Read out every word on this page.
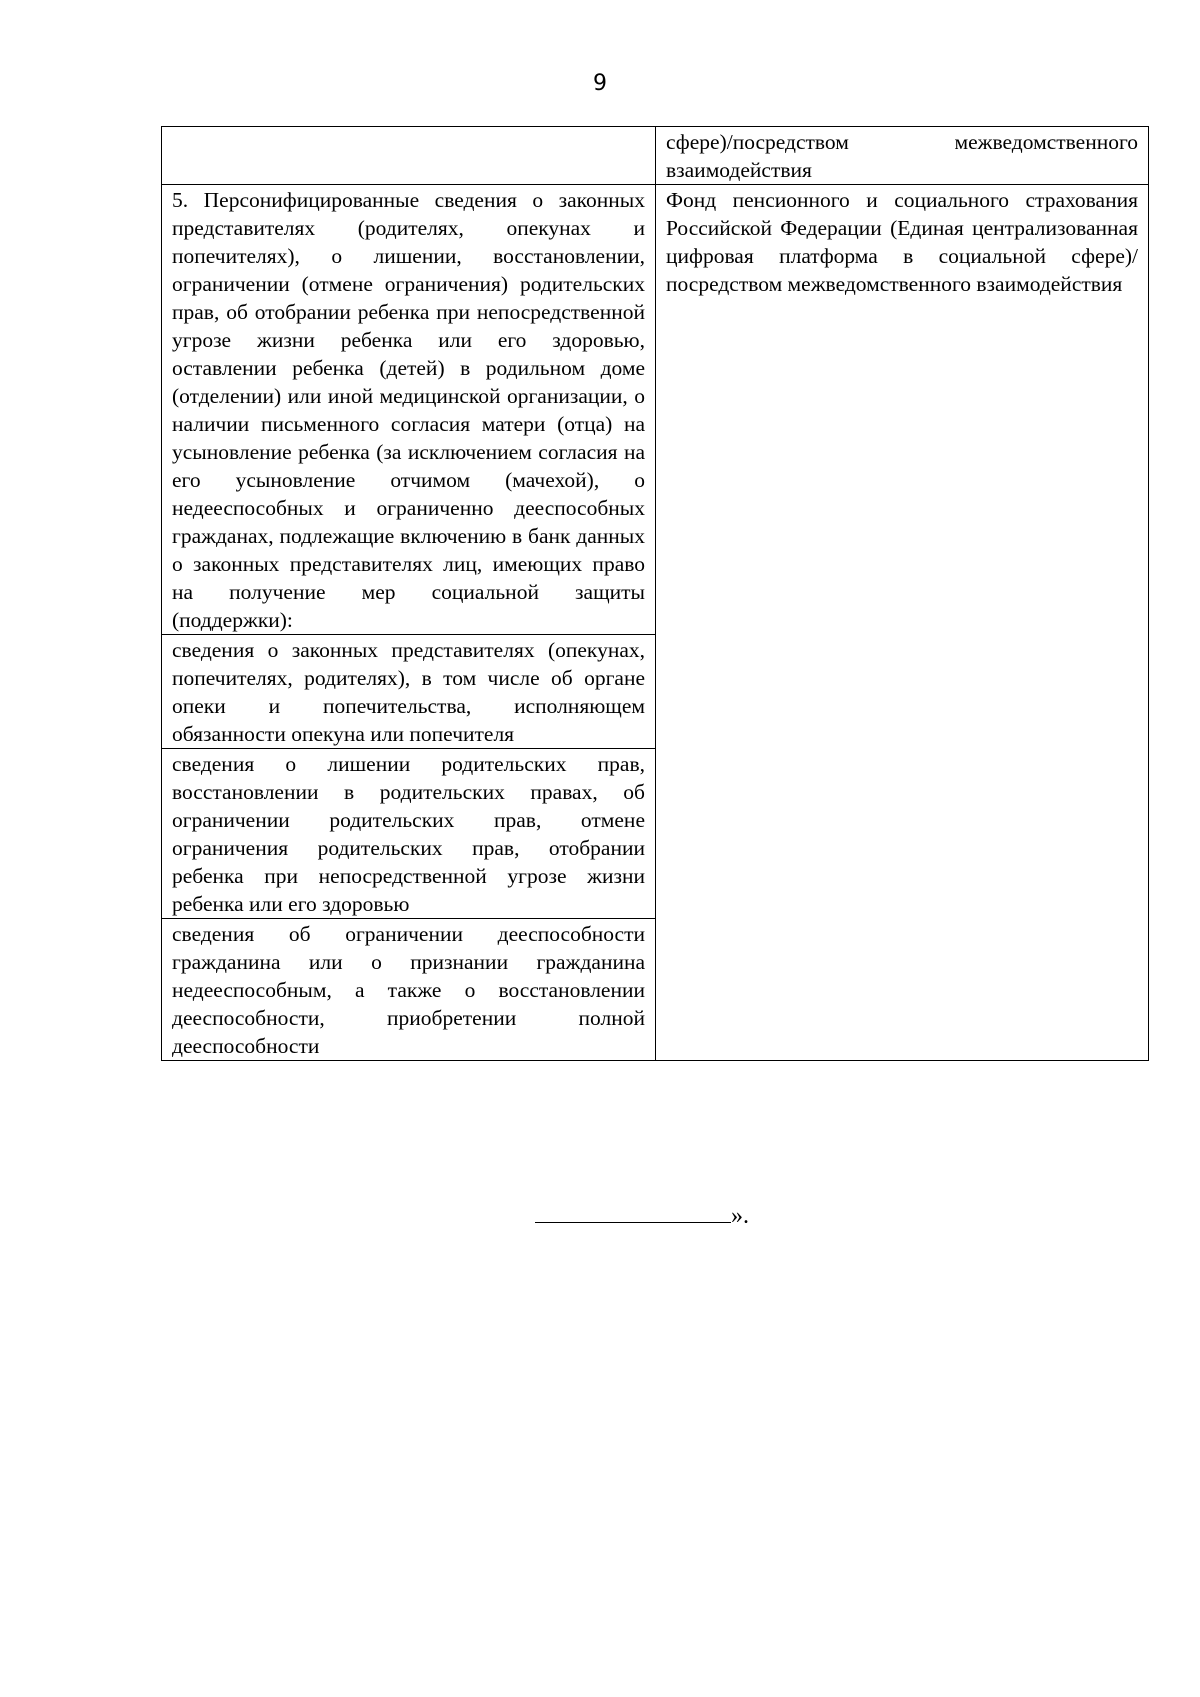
9
	сфере)/посредством межведомственного взаимодействия
5. Персонифицированные сведения о законных представителях (родителях, опекунах и попечителях), о лишении, восстановлении, ограничении (отмене ограничения) родительских прав, об отобрании ребенка при непосредственной угрозе жизни ребенка или его здоровью, оставлении ребенка (детей) в родильном доме (отделении) или иной медицинской организации, о наличии письменного согласия матери (отца) на усыновление ребенка (за исключением согласия на его усыновление отчимом (мачехой), о недееспособных и ограниченно дееспособных гражданах, подлежащие включению в банк данных о законных представителях лиц, имеющих право на получение мер социальной защиты (поддержки):	Фонд пенсионного и социального страхования Российской Федерации (Единая централизованная цифровая платформа в социальной сфере)/посредством межведомственного взаимодействия
сведения о законных представителях (опекунах, попечителях, родителях), в том числе об органе опеки и попечительства, исполняющем обязанности опекуна или попечителя	
сведения о лишении родительских прав, восстановлении в родительских правах, об ограничении родительских прав, отмене ограничения родительских прав, отобрании ребенка при непосредственной угрозе жизни ребенка или его здоровью	
сведения об ограничении дееспособности гражданина или о признании гражданина недееспособным, а также о восстановлении дееспособности, приобретении полной дееспособности	
».
